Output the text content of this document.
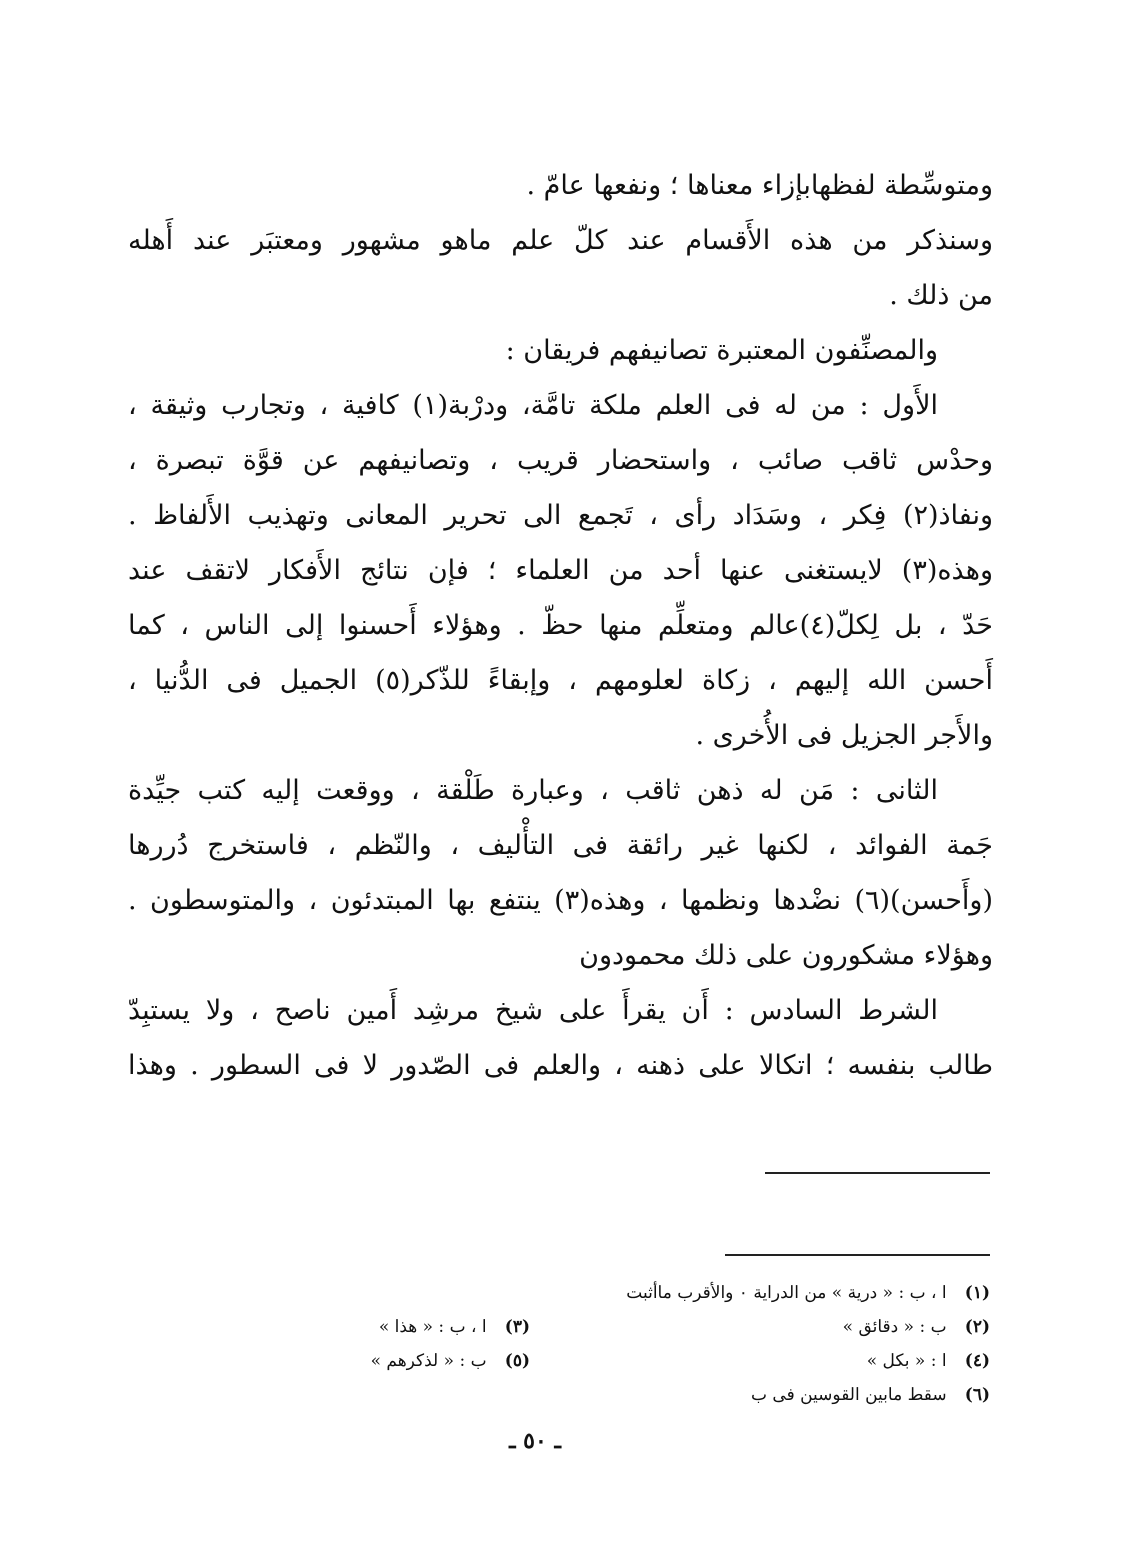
ومتوسِّطة لفظهابإزاء معناها ؛ ونفعها عامّ .
وسنذكر من هذه الأَقسام عند كلّ علم ماهو مشهور ومعتبَر عند أَهله
من ذلك .
والمصنِّفون المعتبرة تصانيفهم فريقان :
الأَول : من له فى العلم ملكة تامَّة، ودرْبة(١) كافية ، وتجارب وثيقة ،
وحدْس ثاقب صائب ، واستحضار قريب ، وتصانيفهم عن قوَّة تبصرة ،
ونفاذ(٢) فِكر ، وسَدَاد رأى ، تَجمع الى تحرير المعانى وتهذيب الأَلفاظ .
وهذه(٣) لايستغنى عنها أحد من العلماء ؛ فإن نتائج الأَفكار لاتقف عند
حَدّ ، بل لِكلّ(٤)عالم ومتعلِّم منها حظّ . وهؤلاء أَحسنوا إلى الناس ، كما
أَحسن الله إليهم ، زكاة لعلومهم ، وإبقاءً للذّكر(٥) الجميل فى الدُّنيا ،
والأَجر الجزيل فى الأُخرى .
الثانى : مَن له ذهن ثاقب ، وعبارة طَلْقة ، ووقعت إليه كتب جيِّدة
جَمة الفوائد ، لكنها غير رائقة فى التأْليف ، والنّظم ، فاستخرج دُررها
(وأَحسن)(٦) نضْدها ونظمها ، وهذه(٣) ينتفع بها المبتدئون ، والمتوسطون .
وهؤلاء مشكورون على ذلك محمودون
الشرط السادس : أَن يقرأَ على شيخ مرشِد أَمين ناصح ، ولا يستبِدّ
طالب بنفسه ؛ اتكالا على ذهنه ، والعلم فى الصّدور لا فى السطور . وهذا
(١) ا ، ب : « درية » من الدراية ٠ والأقرب ماأثبت
(٢) ب : « دقائق »
(٣) ا ، ب : « هذا »
(٤) ا : « بكل »
(٥) ب : « لذكرهم »
(٦) سقط مابين القوسين فى ب
ـ ٥٠ ـ
